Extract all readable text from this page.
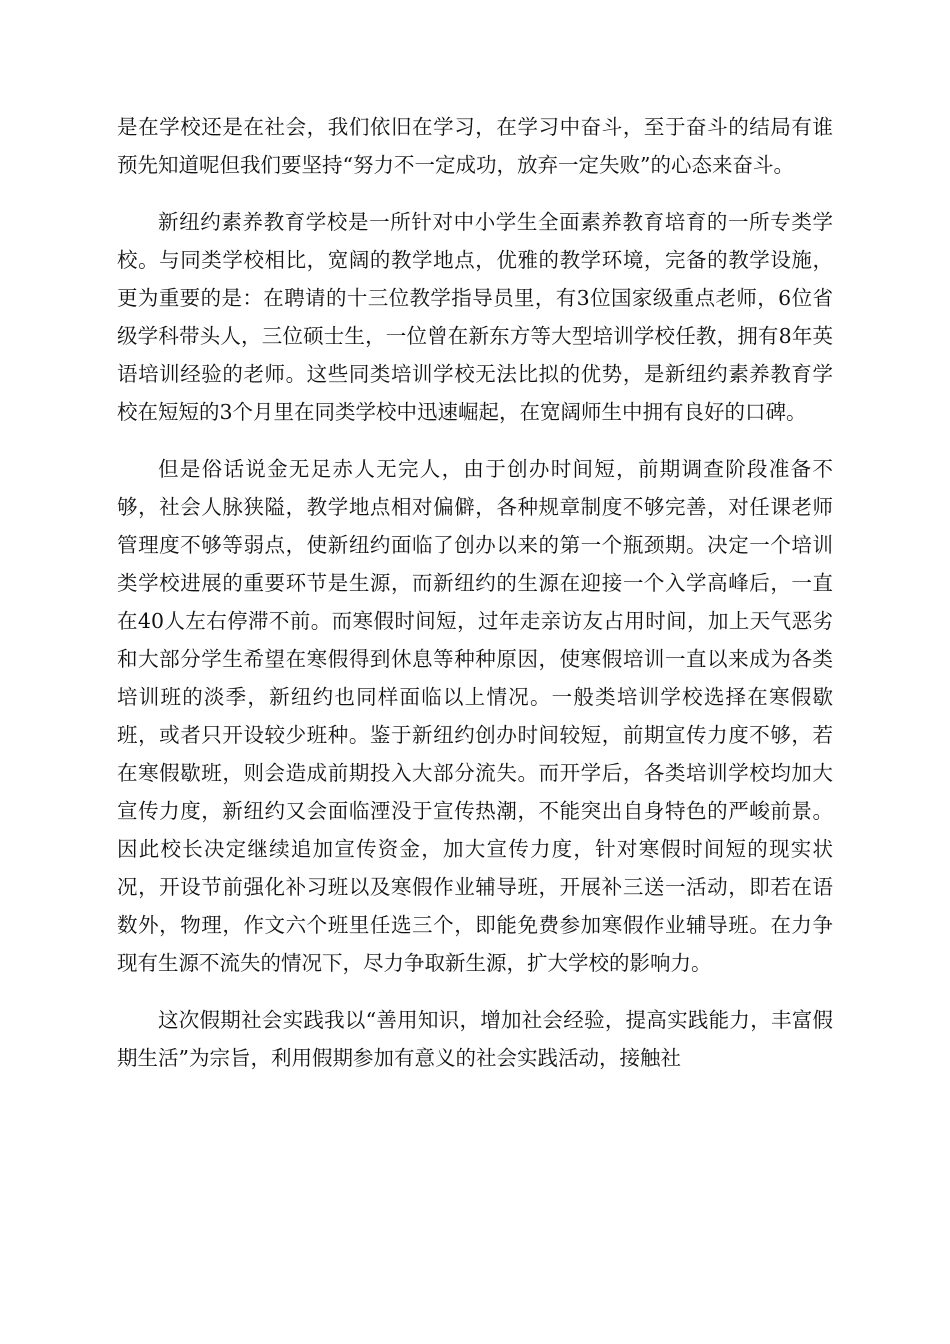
是在学校还是在社会，我们依旧在学习，在学习中奋斗，至于奋斗的结局有谁预先知道呢但我们要坚持“努力不一定成功，放弃一定失败”的心态来奋斗。

新纽约素养教育学校是一所针对中小学生全面素养教育培育的一所专类学校。与同类学校相比，宽阔的教学地点，优雅的教学环境，完备的教学设施，更为重要的是：在聘请的十三位教学指导员里，有3位国家级重点老师，6位省级学科带头人，三位硕士生，一位曾在新东方等大型培训学校任教，拥有8年英语培训经验的老师。这些同类培训学校无法比拟的优势，是新纽约素养教育学校在短短的3个月里在同类学校中迅速崛起，在宽阔师生中拥有良好的口碑。

但是俗话说金无足赤人无完人，由于创办时间短，前期调查阶段准备不够，社会人脉狭隘，教学地点相对偏僻，各种规章制度不够完善，对任课老师管理度不够等弱点，使新纽约面临了创办以来的第一个瓶颈期。决定一个培训类学校进展的重要环节是生源，而新纽约的生源在迎接一个入学高峰后，一直在40人左右停滞不前。而寒假时间短，过年走亲访友占用时间，加上天气恶劣和大部分学生希望在寒假得到休息等种种原因，使寒假培训一直以来成为各类培训班的淡季，新纽约也同样面临以上情况。一般类培训学校选择在寒假歇班，或者只开设较少班种。鉴于新纽约创办时间较短，前期宣传力度不够，若在寒假歇班，则会造成前期投入大部分流失。而开学后，各类培训学校均加大宣传力度，新纽约又会面临湮没于宣传热潮，不能突出自身特色的严峻前景。因此校长决定继续追加宣传资金，加大宣传力度，针对寒假时间短的现实状况，开设节前强化补习班以及寒假作业辅导班，开展补三送一活动，即若在语数外，物理，作文六个班里任选三个，即能免费参加寒假作业辅导班。在力争现有生源不流失的情况下，尽力争取新生源，扩大学校的影响力。

这次假期社会实践我以“善用知识，增加社会经验，提高实践能力，丰富假期生活”为宗旨，利用假期参加有意义的社会实践活动，接触社
